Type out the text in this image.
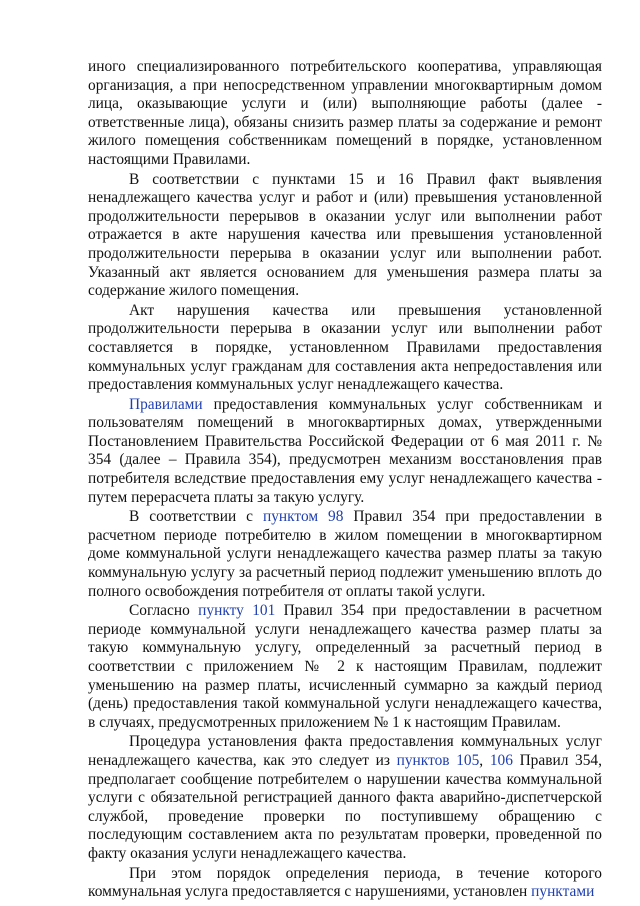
иного специализированного потребительского кооператива, управляющая организация, а при непосредственном управлении многоквартирным домом лица, оказывающие услуги и (или) выполняющие работы (далее - ответственные лица), обязаны снизить размер платы за содержание и ремонт жилого помещения собственникам помещений в порядке, установленном настоящими Правилами.

В соответствии с пунктами 15 и 16 Правил факт выявления ненадлежащего качества услуг и работ и (или) превышения установленной продолжительности перерывов в оказании услуг или выполнении работ отражается в акте нарушения качества или превышения установленной продолжительности перерыва в оказании услуг или выполнении работ. Указанный акт является основанием для уменьшения размера платы за содержание жилого помещения.

Акт нарушения качества или превышения установленной продолжительности перерыва в оказании услуг или выполнении работ составляется в порядке, установленном Правилами предоставления коммунальных услуг гражданам для составления акта непредоставления или предоставления коммунальных услуг ненадлежащего качества.

Правилами предоставления коммунальных услуг собственникам и пользователям помещений в многоквартирных домах, утвержденными Постановлением Правительства Российской Федерации от 6 мая 2011 г. № 354 (далее – Правила 354), предусмотрен механизм восстановления прав потребителя вследствие предоставления ему услуг ненадлежащего качества - путем перерасчета платы за такую услугу.

В соответствии с пунктом 98 Правил 354 при предоставлении в расчетном периоде потребителю в жилом помещении в многоквартирном доме коммунальной услуги ненадлежащего качества размер платы за такую коммунальную услугу за расчетный период подлежит уменьшению вплоть до полного освобождения потребителя от оплаты такой услуги.

Согласно пункту 101 Правил 354 при предоставлении в расчетном периоде коммунальной услуги ненадлежащего качества размер платы за такую коммунальную услугу, определенный за расчетный период в соответствии с приложением № 2 к настоящим Правилам, подлежит уменьшению на размер платы, исчисленный суммарно за каждый период (день) предоставления такой коммунальной услуги ненадлежащего качества, в случаях, предусмотренных приложением № 1 к настоящим Правилам.

Процедура установления факта предоставления коммунальных услуг ненадлежащего качества, как это следует из пунктов 105, 106 Правил 354, предполагает сообщение потребителем о нарушении качества коммунальной услуги с обязательной регистрацией данного факта аварийно-диспетчерской службой, проведение проверки по поступившему обращению с последующим составлением акта по результатам проверки, проведенной по факту оказания услуги ненадлежащего качества.

При этом порядок определения периода, в течение которого коммунальная услуга предоставляется с нарушениями, установлен пунктами
